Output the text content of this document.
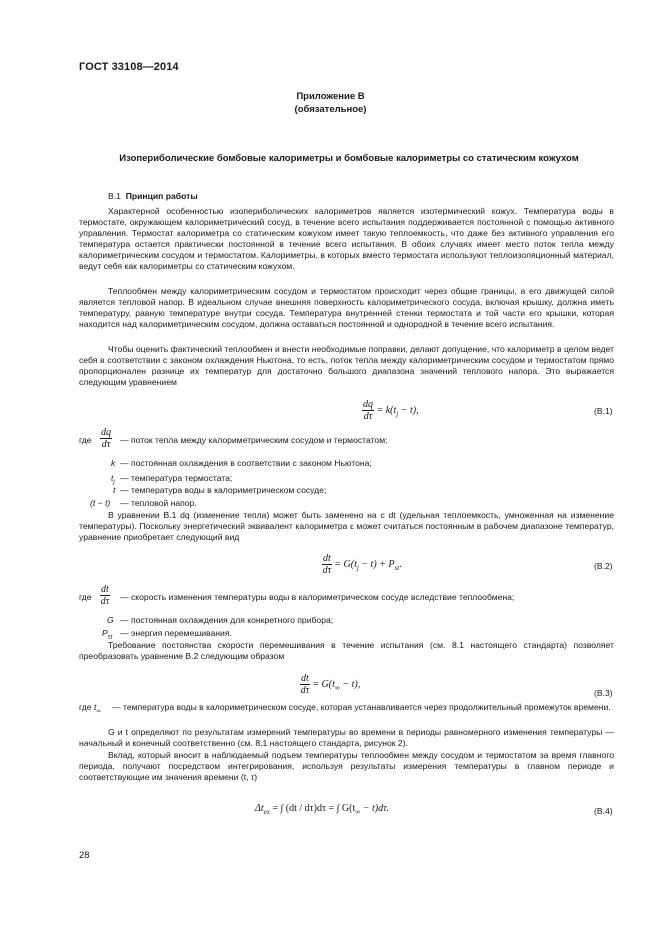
ГОСТ 33108—2014
Приложение В
(обязательное)
Изопериболические бомбовые калориметры и бомбовые калориметры со статическим кожухом
В.1 Принцип работы
Характерной особенностью изопериболических калориметров является изотермический кожух. Температура воды в термостате, окружающем калориметрический сосуд, в течение всего испытания поддерживается постоянной с помощью активного управления. Термостат калориметра со статическим кожухом имеет такую теплоемкость, что даже без активного управления его температура остается практически постоянной в течение всего испытания. В обоих случаях имеет место поток тепла между калориметрическим сосудом и термостатом. Калориметры, в которых вместо термостата используют теплоизоляционный материал, ведут себя как калориметры со статическим кожухом.
Теплообмен между калориметрическим сосудом и термостатом происходит через общие границы, а его движущей силой является тепловой напор. В идеальном случае внешняя поверхность калориметрического сосуда, включая крышку, должна иметь температуру, равную температуре внутри сосуда. Температура внутренней стенки термостата и той части его крышки, которая находится над калориметрическим сосудом, должна оставаться постоянной и однородной в течение всего испытания.
Чтобы оценить фактический теплообмен и внести необходимые поправки, делают допущение, что калориметр в целом ведет себя в соответствии с законом охлаждения Ньютона, то есть, поток тепла между калориметрическим сосудом и термостатом прямо пропорционален разнице их температур для достаточно большого диапазона значений теплового напора. Это выражается следующим уравнением
$\frac{dq}{d\tau} = k(t_j - t)$,	(В.1)
где $\frac{dq}{d\tau}$ — поток тепла между калориметрическим сосудом и термостатом;
k — постоянная охлаждения в соответствии с законом Ньютона;
$t_j$ — температура термостата;
t — температура воды в калориметрическом сосуде;
(t − t) — тепловой напор.
В уравнении В.1 dq (изменение тепла) может быть заменено на c dt (удельная теплоемкость, умноженная на изменение температуры). Поскольку энергетический эквивалент калориметра ε может считаться постоянным в рабочем диапазоне температур, уравнение приобретает следующий вид
$\frac{dt}{d\tau} = G(t_j - t) + P_{st}$.	(В.2)
где $\frac{dt}{d\tau}$ — скорость изменения температуры воды в калориметрическом сосуде вследствие теплообмена;
G — постоянная охлаждения для конкретного прибора;
$P_{st}$ — энергия перемешивания.
Требование постоянства скорости перемешивания в течение испытания (см. 8.1 настоящего стандарта) позволяет преобразовать уравнение В.2 следующим образом
$\frac{dt}{d\tau} = G(t_\infty - t)$,
(В.3)
где $t_\infty$ — температура воды в калориметрическом сосуде, которая устанавливается через продолжительный промежуток времени.
G и t определяют по результатам измерений температуры во времени в периоды равномерного изменения температуры — начальный и конечный соответственно (см. 8.1 настоящего стандарта, рисунок 2).
Вклад, который вносит в наблюдаемый подъем температуры теплообмен между сосудом и термостатом за время главного периода, получают посредством интегрирования, используя результаты измерения температуры в главном периоде и соответствующие им значения времени (t, τ)
$\Delta t_{ex}$ = ∫ (dt / dτ)dτ = ∫ $G(t_\infty - t)d\tau$.	(В.4)
28
